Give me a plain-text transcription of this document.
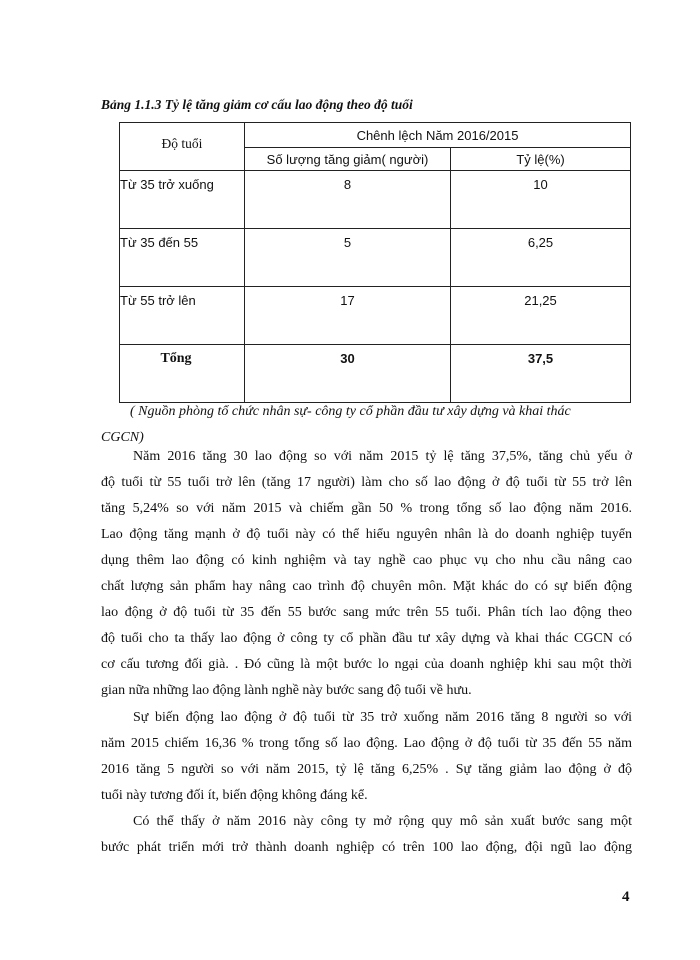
Bảng 1.1.3 Tỷ lệ tăng giảm cơ cấu lao động theo độ tuổi
Độ tuổi	Chênh lệch Năm 2016/2015	
	Số lượng tăng giảm( người)	Tỷ lệ(%)
Từ 35 trở xuống	8	10
Từ 35 đến 55	5	6,25
Từ 55 trở lên	17	21,25
Tổng	30	37,5
( Nguồn phòng tổ chức nhân sự- công ty cổ phần đầu tư xây dựng và khai thác
CGCN)
Năm 2016 tăng 30 lao động so với năm 2015 tỷ lệ tăng 37,5%, tăng chủ yếu ở
độ tuổi từ 55 tuổi trở lên (tăng 17 người) làm cho số lao động ở độ tuổi từ 55 trở lên
tăng 5,24% so với năm 2015 và chiếm gần 50 % trong tổng số lao động năm 2016.
Lao động tăng mạnh ở độ tuổi này có thể hiểu nguyên nhân là do doanh nghiệp tuyển
dụng thêm lao động có kinh nghiệm và tay nghề cao phục vụ cho nhu cầu nâng cao
chất lượng sản phẩm hay nâng cao trình độ chuyên môn. Mặt khác do có sự biến động
lao động ở độ tuổi từ 35 đến 55 bước sang mức trên 55 tuổi. Phân tích lao động theo
độ tuổi cho ta thấy lao động ở công ty cổ phần đầu tư xây dựng và khai thác CGCN có
cơ cấu tương đối già. . Đó cũng là một bước lo ngại của doanh nghiệp khi sau một thời
gian nữa những lao động lành nghề này bước sang độ tuổi về hưu.
Sự biến động lao động ở độ tuổi từ 35 trở xuống năm 2016 tăng 8 người so với
năm 2015 chiếm 16,36 % trong tổng số lao động. Lao động ở độ tuổi từ 35 đến 55 năm
2016 tăng 5 người so với năm 2015, tỷ lệ tăng 6,25% . Sự tăng giảm lao động ở độ
tuổi này tương đối ít, biến động không đáng kể.
Có thể thấy ở năm 2016 này công ty mở rộng quy mô sản xuất bước sang một
bước phát triển mới trở thành doanh nghiệp có trên 100 lao động, đội ngũ lao động
4
